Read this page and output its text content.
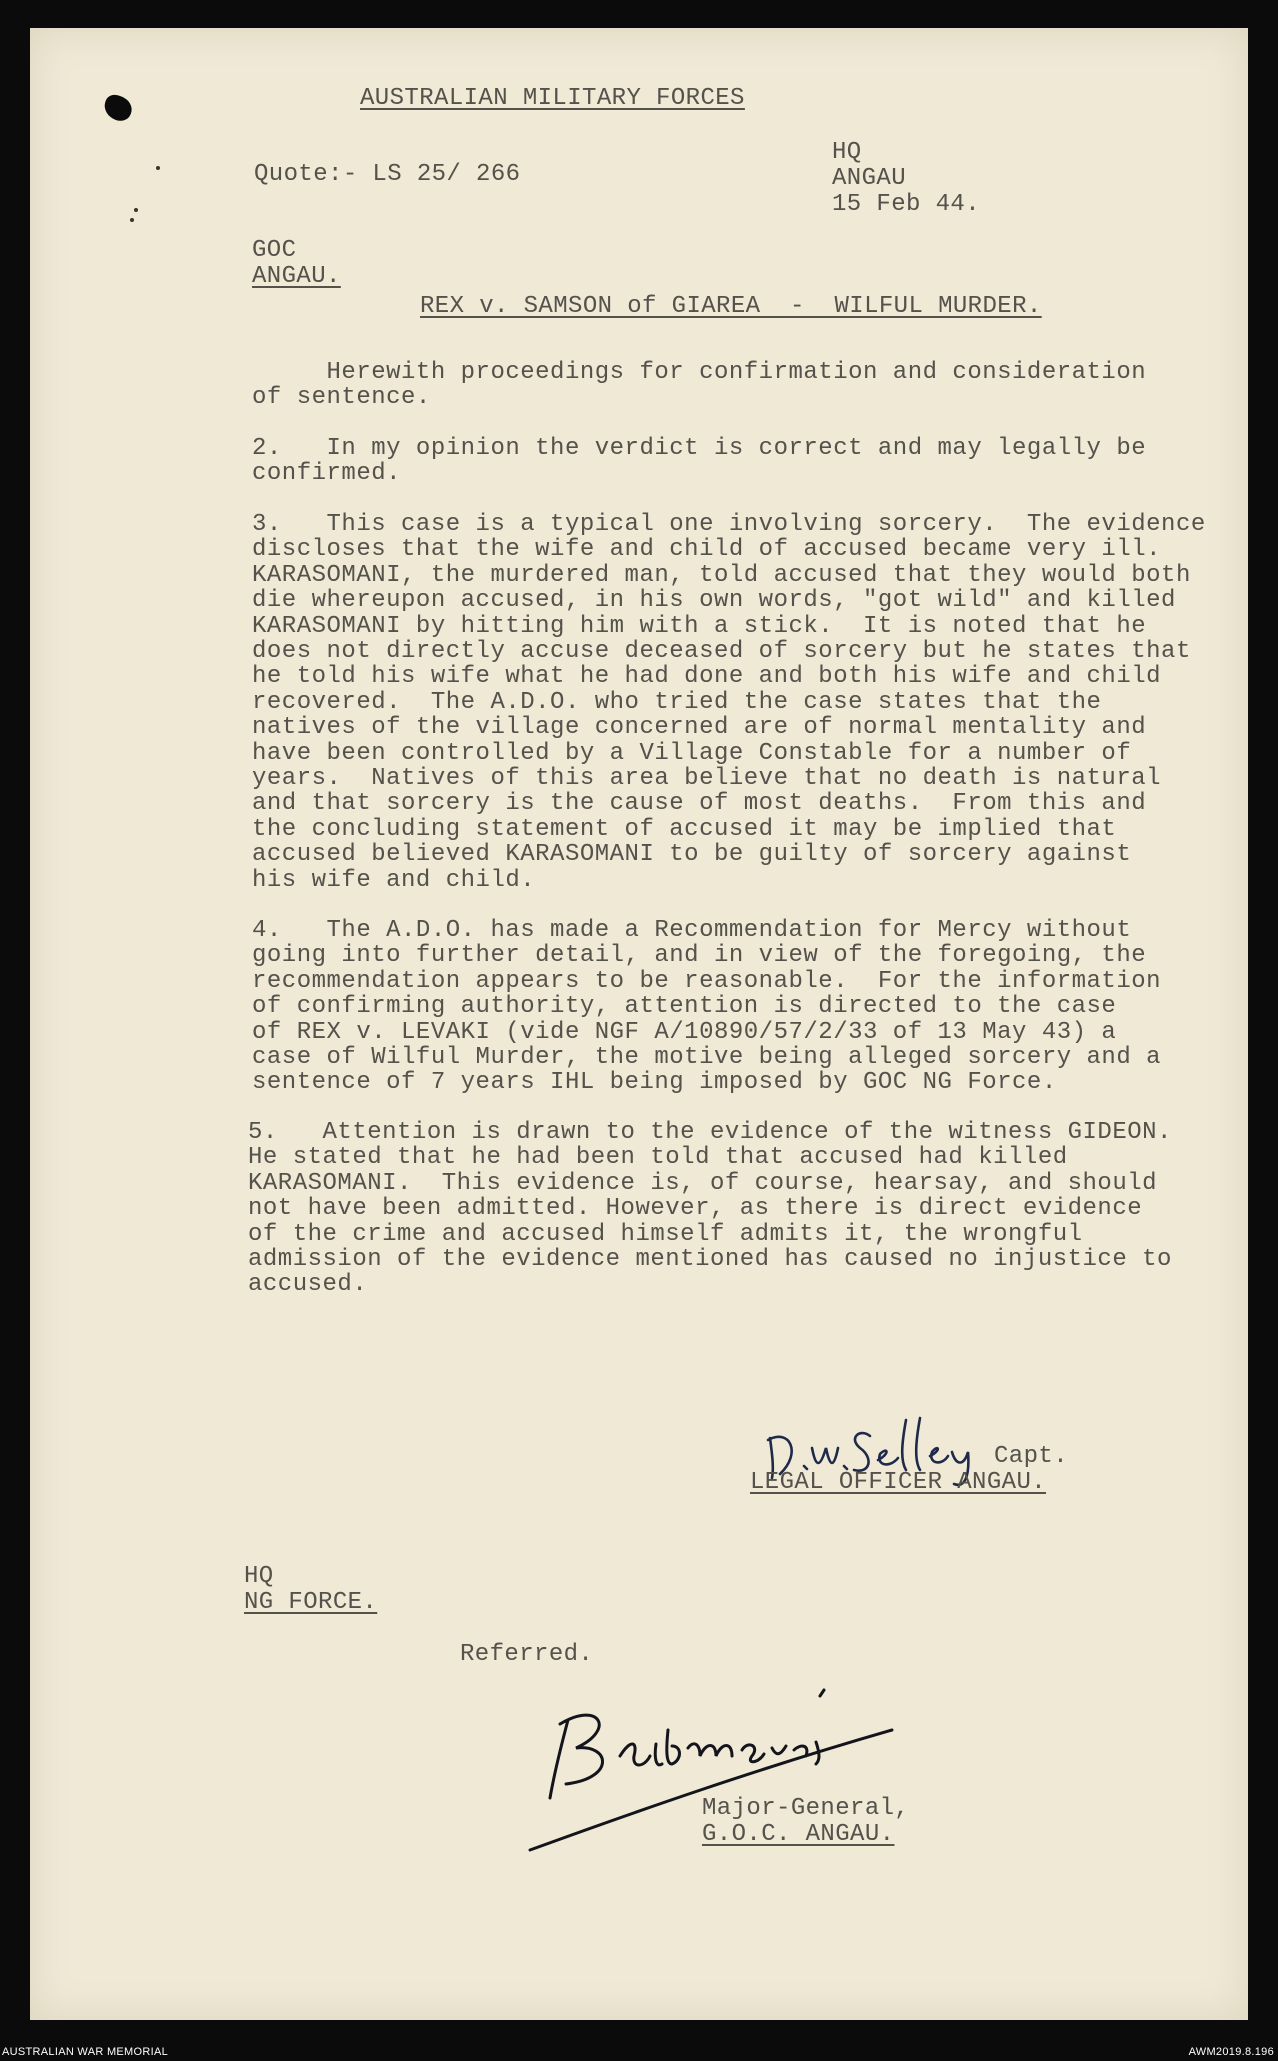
AUSTRALIAN MILITARY FORCES
Quote:- LS 25/ 266
HQ
ANGAU
15 Feb 44.
GOC
ANGAU.
REX v. SAMSON of GIAREA  -  WILFUL MURDER.
Herewith proceedings for confirmation and consideration
of sentence.
2.   In my opinion the verdict is correct and may legally be
confirmed.
3.   This case is a typical one involving sorcery.  The evidence
discloses that the wife and child of accused became very ill.
KARASOMANI, the murdered man, told accused that they would both
die whereupon accused, in his own words, "got wild" and killed
KARASOMANI by hitting him with a stick.  It is noted that he
does not directly accuse deceased of sorcery but he states that
he told his wife what he had done and both his wife and child
recovered.  The A.D.O. who tried the case states that the
natives of the village concerned are of normal mentality and
have been controlled by a Village Constable for a number of
years.  Natives of this area believe that no death is natural
and that sorcery is the cause of most deaths.  From this and
the concluding statement of accused it may be implied that
accused believed KARASOMANI to be guilty of sorcery against
his wife and child.
4.   The A.D.O. has made a Recommendation for Mercy without
going into further detail, and in view of the foregoing, the
recommendation appears to be reasonable.  For the information
of confirming authority, attention is directed to the case
of REX v. LEVAKI (vide NGF A/10890/57/2/33 of 13 May 43) a
case of Wilful Murder, the motive being alleged sorcery and a
sentence of 7 years IHL being imposed by GOC NG Force.
5.   Attention is drawn to the evidence of the witness GIDEON.
He stated that he had been told that accused had killed
KARASOMANI.  This evidence is, of course, hearsay, and should
not have been admitted. However, as there is direct evidence
of the crime and accused himself admits it, the wrongful
admission of the evidence mentioned has caused no injustice to
accused.
Capt.
LEGAL OFFICER ANGAU.
HQ
NG FORCE.
Referred.
Major-General,
G.O.C. ANGAU.
AUSTRALIAN WAR MEMORIAL	AWM2019.8.196
